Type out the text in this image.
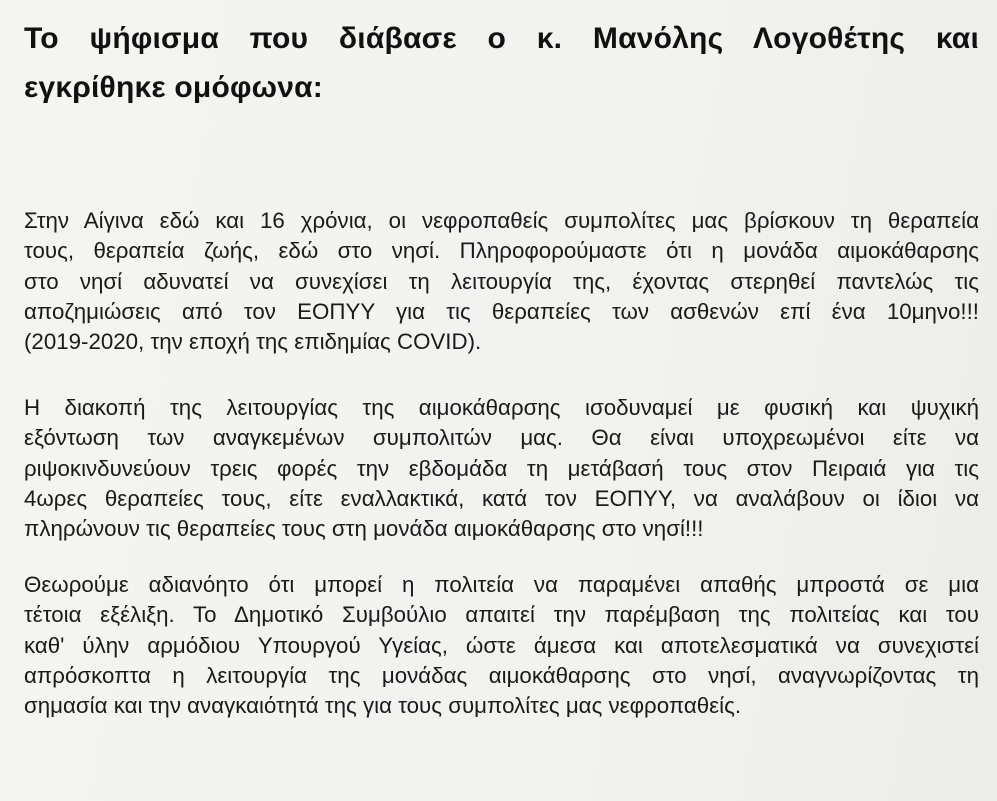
Το ψήφισμα που διάβασε ο κ. Μανόλης Λογοθέτης και
εγκρίθηκε ομόφωνα:

Στην Αίγινα εδώ και 16 χρόνια, οι νεφροπαθείς συμπολίτες μας βρίσκουν τη θεραπεία
τους, θεραπεία ζωής, εδώ στο νησί. Πληροφορούμαστε ότι η μονάδα αιμοκάθαρσης
στο νησί αδυνατεί να συνεχίσει τη λειτουργία της, έχοντας στερηθεί παντελώς τις
αποζημιώσεις από τον ΕΟΠΥΥ για τις θεραπείες των ασθενών επί ένα 10μηνο!!!
(2019-2020, την εποχή της επιδημίας COVID).

Η διακοπή της λειτουργίας της αιμοκάθαρσης ισοδυναμεί με φυσική και ψυχική
εξόντωση των αναγκεμένων συμπολιτών μας. Θα είναι υποχρεωμένοι είτε να
ριψοκινδυνεύουν τρεις φορές την εβδομάδα τη μετάβασή τους στον Πειραιά για τις
4ωρες θεραπείες τους, είτε εναλλακτικά, κατά τον ΕΟΠΥΥ, να αναλάβουν οι ίδιοι να
πληρώνουν τις θεραπείες τους στη μονάδα αιμοκάθαρσης στο νησί!!!

Θεωρούμε αδιανόητο ότι μπορεί η πολιτεία να παραμένει απαθής μπροστά σε μια
τέτοια εξέλιξη. Το Δημοτικό Συμβούλιο απαιτεί την παρέμβαση της πολιτείας και του
καθ' ύλην αρμόδιου Υπουργού Υγείας, ώστε άμεσα και αποτελεσματικά να συνεχιστεί
απρόσκοπτα η λειτουργία της μονάδας αιμοκάθαρσης στο νησί, αναγνωρίζοντας τη
σημασία και την αναγκαιότητά της για τους συμπολίτες μας νεφροπαθείς.
